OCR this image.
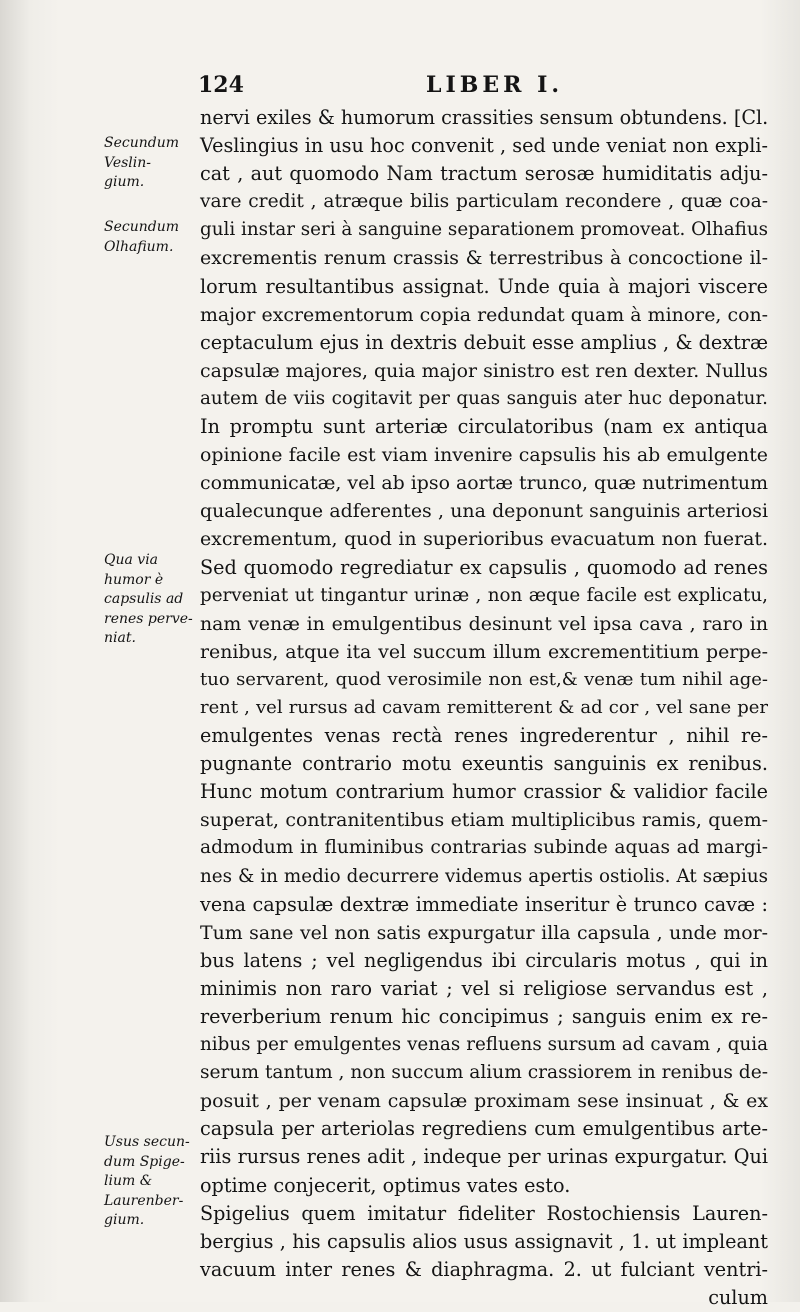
124	LIBER I.
Secundum
Veslin-
gium.
Secundum
Olhafium.
Qua via
humor è
capsulis ad
renes perve-
niat.
Usus secun-
dum Spige-
lium &
Laurenber-
gium.
nervi exiles & humorum crassities sensum obtundens. [Cl.
Veslingius in usu hoc convenit , sed unde veniat non expli-
cat , aut quomodo Nam tractum serosæ humiditatis adju-
vare credit , atræque bilis particulam recondere , quæ coa-
guli instar seri à sanguine separationem promoveat. Olhafius
excrementis renum crassis & terrestribus à concoctione il-
lorum resultantibus assignat. Unde quia à majori viscere
major excrementorum copia redundat quam à minore, con-
ceptaculum ejus in dextris debuit esse amplius , & dextræ
capsulæ majores, quia major sinistro est ren dexter. Nullus
autem de viis cogitavit per quas sanguis ater huc deponatur.
In promptu sunt arteriæ circulatoribus (nam ex antiqua
opinione facile est viam invenire capsulis his ab emulgente
communicatæ, vel ab ipso aortæ trunco, quæ nutrimentum
qualecunque adferentes , una deponunt sanguinis arteriosi
excrementum, quod in superioribus evacuatum non fuerat.
Sed quomodo regrediatur ex capsulis , quomodo ad renes
perveniat ut tingantur urinæ , non æque facile est explicatu,
nam venæ in emulgentibus desinunt vel ipsa cava , raro in
renibus, atque ita vel succum illum excrementitium perpe-
tuo servarent, quod verosimile non est,& venæ tum nihil age-
rent , vel rursus ad cavam remitterent & ad cor , vel sane per
emulgentes venas rectà renes ingrederentur , nihil re-
pugnante contrario motu exeuntis sanguinis ex renibus.
Hunc motum contrarium humor crassior & validior facile
superat, contranitentibus etiam multiplicibus ramis, quem-
admodum in fluminibus contrarias subinde aquas ad margi-
nes & in medio decurrere videmus apertis ostiolis. At sæpius
vena capsulæ dextræ immediate inseritur è trunco cavæ :
Tum sane vel non satis expurgatur illa capsula , unde mor-
bus latens ; vel negligendus ibi circularis motus , qui in
minimis non raro variat ; vel si religiose servandus est ,
reverberium renum hic concipimus ; sanguis enim ex re-
nibus per emulgentes venas refluens sursum ad cavam , quia
serum tantum , non succum alium crassiorem in renibus de-
posuit , per venam capsulæ proximam sese insinuat , & ex
capsula per arteriolas regrediens cum emulgentibus arte-
riis rursus renes adit , indeque per urinas expurgatur. Qui
optime conjecerit, optimus vates esto.
Spigelius quem imitatur fideliter Rostochiensis Lauren-
bergius , his capsulis alios usus assignavit , 1. ut impleant
vacuum inter renes & diaphragma. 2. ut fulciant ventri-
culum
